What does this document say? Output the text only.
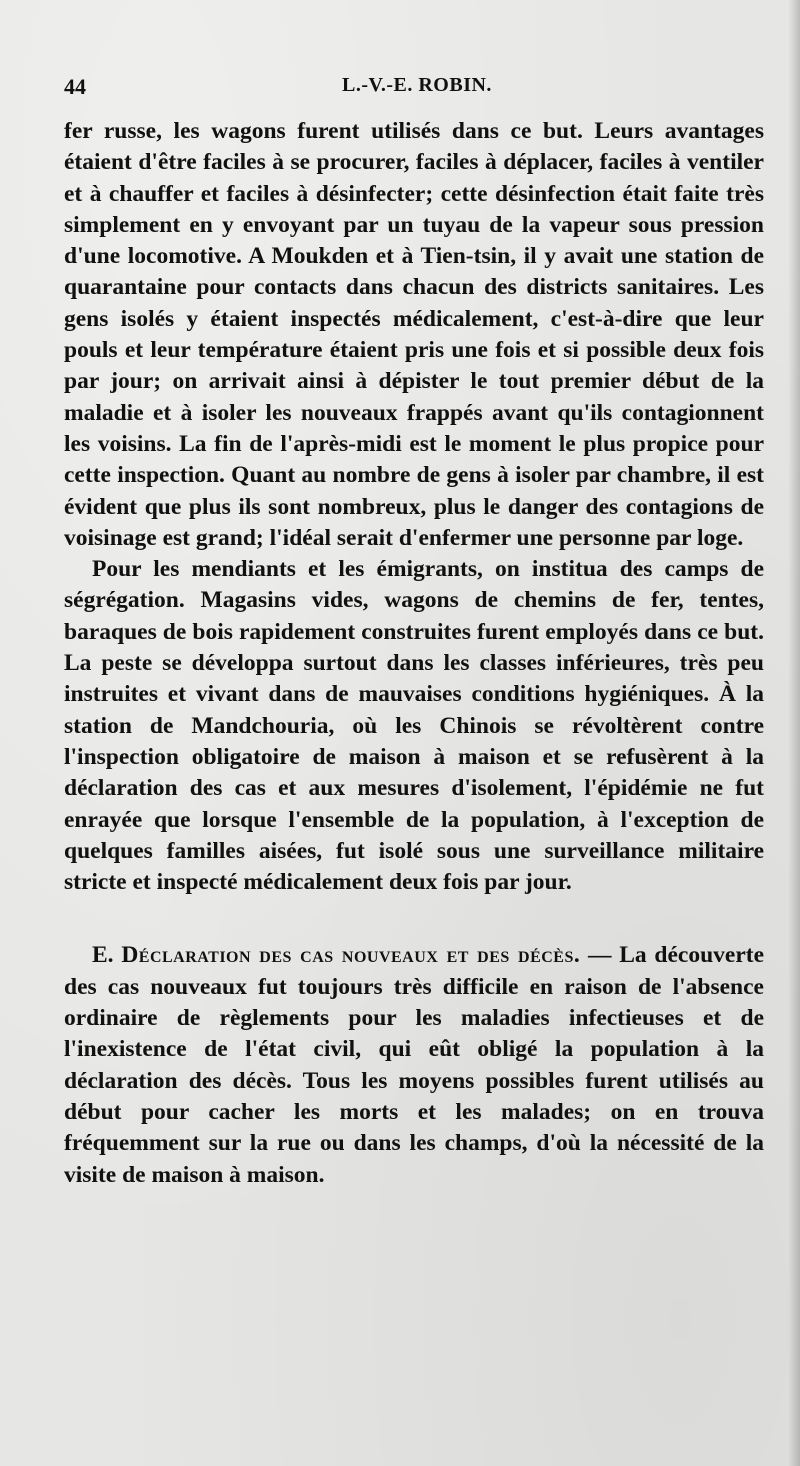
44	L.-V.-E. ROBIN.

fer russe, les wagons furent utilisés dans ce but. Leurs avantages étaient d'être faciles à se procurer, faciles à déplacer, faciles à ventiler et à chauffer et faciles à désinfecter; cette désinfection était faite très simplement en y envoyant par un tuyau de la vapeur sous pression d'une locomotive. A Moukden et à Tien-tsin, il y avait une station de quarantaine pour contacts dans chacun des districts sanitaires. Les gens isolés y étaient inspectés médicalement, c'est-à-dire que leur pouls et leur température étaient pris une fois et si possible deux fois par jour; on arrivait ainsi à dépister le tout premier début de la maladie et à isoler les nouveaux frappés avant qu'ils contagionnent les voisins. La fin de l'après-midi est le moment le plus propice pour cette inspection. Quant au nombre de gens à isoler par chambre, il est évident que plus ils sont nombreux, plus le danger des contagions de voisinage est grand; l'idéal serait d'enfermer une personne par loge.

Pour les mendiants et les émigrants, on institua des camps de ségrégation. Magasins vides, wagons de chemins de fer, tentes, baraques de bois rapidement construites furent employés dans ce but. La peste se développa surtout dans les classes inférieures, très peu instruites et vivant dans de mauvaises conditions hygiéniques. À la station de Mandchouria, où les Chinois se révoltèrent contre l'inspection obligatoire de maison à maison et se refusèrent à la déclaration des cas et aux mesures d'isolement, l'épidémie ne fut enrayée que lorsque l'ensemble de la population, à l'exception de quelques familles aisées, fut isolé sous une surveillance militaire stricte et inspecté médicalement deux fois par jour.

E. Déclaration des cas nouveaux et des décès. — La découverte des cas nouveaux fut toujours très difficile en raison de l'absence ordinaire de règlements pour les maladies infectieuses et de l'inexistence de l'état civil, qui eût obligé la population à la déclaration des décès. Tous les moyens possibles furent utilisés au début pour cacher les morts et les malades; on en trouva fréquemment sur la rue ou dans les champs, d'où la nécessité de la visite de maison à maison.
